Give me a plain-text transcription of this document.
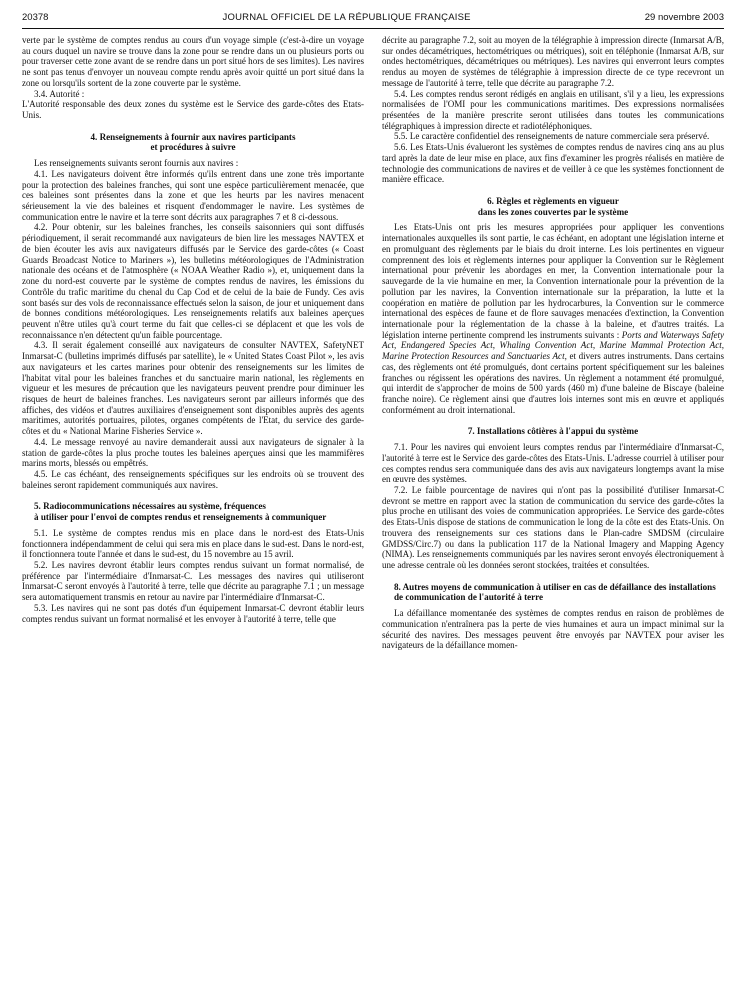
20378	JOURNAL OFFICIEL DE LA RÉPUBLIQUE FRANÇAISE	29 novembre 2003

verte par le système de comptes rendus au cours d'un voyage simple (c'est-à-dire un voyage au cours duquel un navire se trouve dans la zone pour se rendre dans un ou plusieurs ports ou pour traverser cette zone avant de se rendre dans un port situé hors de ses limites). Les navires ne sont pas tenus d'envoyer un nouveau compte rendu après avoir quitté un port situé dans la zone ou lorsqu'ils sortent de la zone couverte par le système.

3.4. Autorité :

L'Autorité responsable des deux zones du système est le Service des garde-côtes des Etats-Unis.

4. Renseignements à fournir aux navires participants
et procédures à suivre

Les renseignements suivants seront fournis aux navires :

4.1. Les navigateurs doivent être informés qu'ils entrent dans une zone très importante pour la protection des baleines franches, qui sont une espèce particulièrement menacée, que ces baleines sont présentes dans la zone et que les heurts par les navires menacent sérieusement la vie des baleines et risquent d'endommager le navire. Les systèmes de communication entre le navire et la terre sont décrits aux paragraphes 7 et 8 ci-dessous.

4.2. Pour obtenir, sur les baleines franches, les conseils saisonniers qui sont diffusés périodiquement, il serait recommandé aux navigateurs de bien lire les messages NAVTEX et de bien écouter les avis aux navigateurs diffusés par le Service des garde-côtes (« Coast Guards Broadcast Notice to Mariners »), les bulletins météorologiques de l'Administration nationale des océans et de l'atmosphère (« NOAA Weather Radio »), et, uniquement dans la zone du nord-est couverte par le système de comptes rendus de navires, les émissions du Contrôle du trafic maritime du chenal du Cap Cod et de celui de la baie de Fundy. Ces avis sont basés sur des vols de reconnaissance effectués selon la saison, de jour et uniquement dans de bonnes conditions météorologiques. Les renseignements relatifs aux baleines aperçues peuvent n'être utiles qu'à court terme du fait que celles-ci se déplacent et que les vols de reconnaissance n'en détectent qu'un faible pourcentage.

4.3. Il serait également conseillé aux navigateurs de consulter NAVTEX, SafetyNET Inmarsat-C (bulletins imprimés diffusés par satellite), le « United States Coast Pilot », les avis aux navigateurs et les cartes marines pour obtenir des renseignements sur les limites de l'habitat vital pour les baleines franches et du sanctuaire marin national, les règlements en vigueur et les mesures de précaution que les navigateurs peuvent prendre pour diminuer les risques de heurt de baleines franches. Les navigateurs seront par ailleurs informés que des affiches, des vidéos et d'autres auxiliaires d'enseignement sont disponibles auprès des agents maritimes, autorités portuaires, pilotes, organes compétents de l'Etat, du service des garde-côtes et du « National Marine Fisheries Service ».

4.4. Le message renvoyé au navire demanderait aussi aux navigateurs de signaler à la station de garde-côtes la plus proche toutes les baleines aperçues ainsi que les mammifères marins morts, blessés ou empêtrés.

4.5. Le cas échéant, des renseignements spécifiques sur les endroits où se trouvent des baleines seront rapidement communiqués aux navires.

5. Radiocommunications nécessaires au système, fréquences
à utiliser pour l'envoi de comptes rendus et renseignements à communiquer

5.1. Le système de comptes rendus mis en place dans le nord-est des Etats-Unis fonctionnera indépendamment de celui qui sera mis en place dans le sud-est. Dans le nord-est, il fonctionnera toute l'année et dans le sud-est, du 15 novembre au 15 avril.

5.2. Les navires devront établir leurs comptes rendus suivant un format normalisé, de préférence par l'intermédiaire d'Inmarsat-C. Les messages des navires qui utiliseront Inmarsat-C seront envoyés à l'autorité à terre, telle que décrite au paragraphe 7.1 ; un message sera automatiquement transmis en retour au navire par l'intermédiaire d'Inmarsat-C.

5.3. Les navires qui ne sont pas dotés d'un équipement Inmarsat-C devront établir leurs comptes rendus suivant un format normalisé et les envoyer à l'autorité à terre, telle que

décrite au paragraphe 7.2, soit au moyen de la télégraphie à impression directe (Inmarsat A/B, sur ondes décamétriques, hectométriques ou métriques), soit en téléphonie (Inmarsat A/B, sur ondes hectométriques, décamétriques ou métriques). Les navires qui enverront leurs comptes rendus au moyen de systèmes de télégraphie à impression directe de ce type recevront un message de l'autorité à terre, telle que décrite au paragraphe 7.2.

5.4. Les comptes rendus seront rédigés en anglais en utilisant, s'il y a lieu, les expressions normalisées de l'OMI pour les communications maritimes. Des expressions normalisées présentées de la manière prescrite seront utilisées dans toutes les communications télégraphiques à impression directe et radiotéléphoniques.

5.5. Le caractère confidentiel des renseignements de nature commerciale sera préservé.

5.6. Les Etats-Unis évalueront les systèmes de comptes rendus de navires cinq ans au plus tard après la date de leur mise en place, aux fins d'examiner les progrès réalisés en matière de technologie des communications de navires et de veiller à ce que les systèmes fonctionnent de manière efficace.

6. Règles et règlements en vigueur
dans les zones couvertes par le système

Les Etats-Unis ont pris les mesures appropriées pour appliquer les conventions internationales auxquelles ils sont partie, le cas échéant, en adoptant une législation interne et en promulguant des règlements par le biais du droit interne. Les lois pertinentes en vigueur comprennent des lois et règlements internes pour appliquer la Convention sur le Règlement international pour prévenir les abordages en mer, la Convention internationale pour la sauvegarde de la vie humaine en mer, la Convention internationale pour la prévention de la pollution par les navires, la Convention internationale sur la préparation, la lutte et la coopération en matière de pollution par les hydrocarbures, la Convention sur le commerce international des espèces de faune et de flore sauvages menacées d'extinction, la Convention internationale pour la réglementation de la chasse à la baleine, et d'autres traités. La législation interne pertinente comprend les instruments suivants : Ports and Waterways Safety Act, Endangered Species Act, Whaling Convention Act, Marine Mammal Protection Act, Marine Protection Resources and Sanctuaries Act, et divers autres instruments. Dans certains cas, des règlements ont été promulgués, dont certains portent spécifiquement sur les baleines franches ou régissent les opérations des navires. Un règlement a notamment été promulgué, qui interdit de s'approcher de moins de 500 yards (460 m) d'une baleine de Biscaye (baleine franche noire). Ce règlement ainsi que d'autres lois internes sont mis en œuvre et appliqués conformément au droit international.

7. Installations côtières à l'appui du système

7.1. Pour les navires qui envoient leurs comptes rendus par l'intermédiaire d'Inmarsat-C, l'autorité à terre est le Service des garde-côtes des Etats-Unis. L'adresse courriel à utiliser pour ces comptes rendus sera communiquée dans des avis aux navigateurs longtemps avant la mise en œuvre des systèmes.

7.2. Le faible pourcentage de navires qui n'ont pas la possibilité d'utiliser Inmarsat-C devront se mettre en rapport avec la station de communication du service des garde-côtes la plus proche en utilisant des voies de communication appropriées. Le Service des garde-côtes des Etats-Unis dispose de stations de communication le long de la côte est des Etats-Unis. On trouvera des renseignements sur ces stations dans le Plan-cadre SMDSM (circulaire GMDSS/Circ.7) ou dans la publication 117 de la National Imagery and Mapping Agency (NIMA). Les renseignements communiqués par les navires seront envoyés électroniquement à une adresse centrale où les données seront stockées, traitées et consultées.

8. Autres moyens de communication à utiliser en cas de défaillance des installations de communication de l'autorité à terre

La défaillance momentanée des systèmes de comptes rendus en raison de problèmes de communication n'entraînera pas la perte de vies humaines et aura un impact minimal sur la sécurité des navires. Des messages peuvent être envoyés par NAVTEX pour aviser les navigateurs de la défaillance momen-
